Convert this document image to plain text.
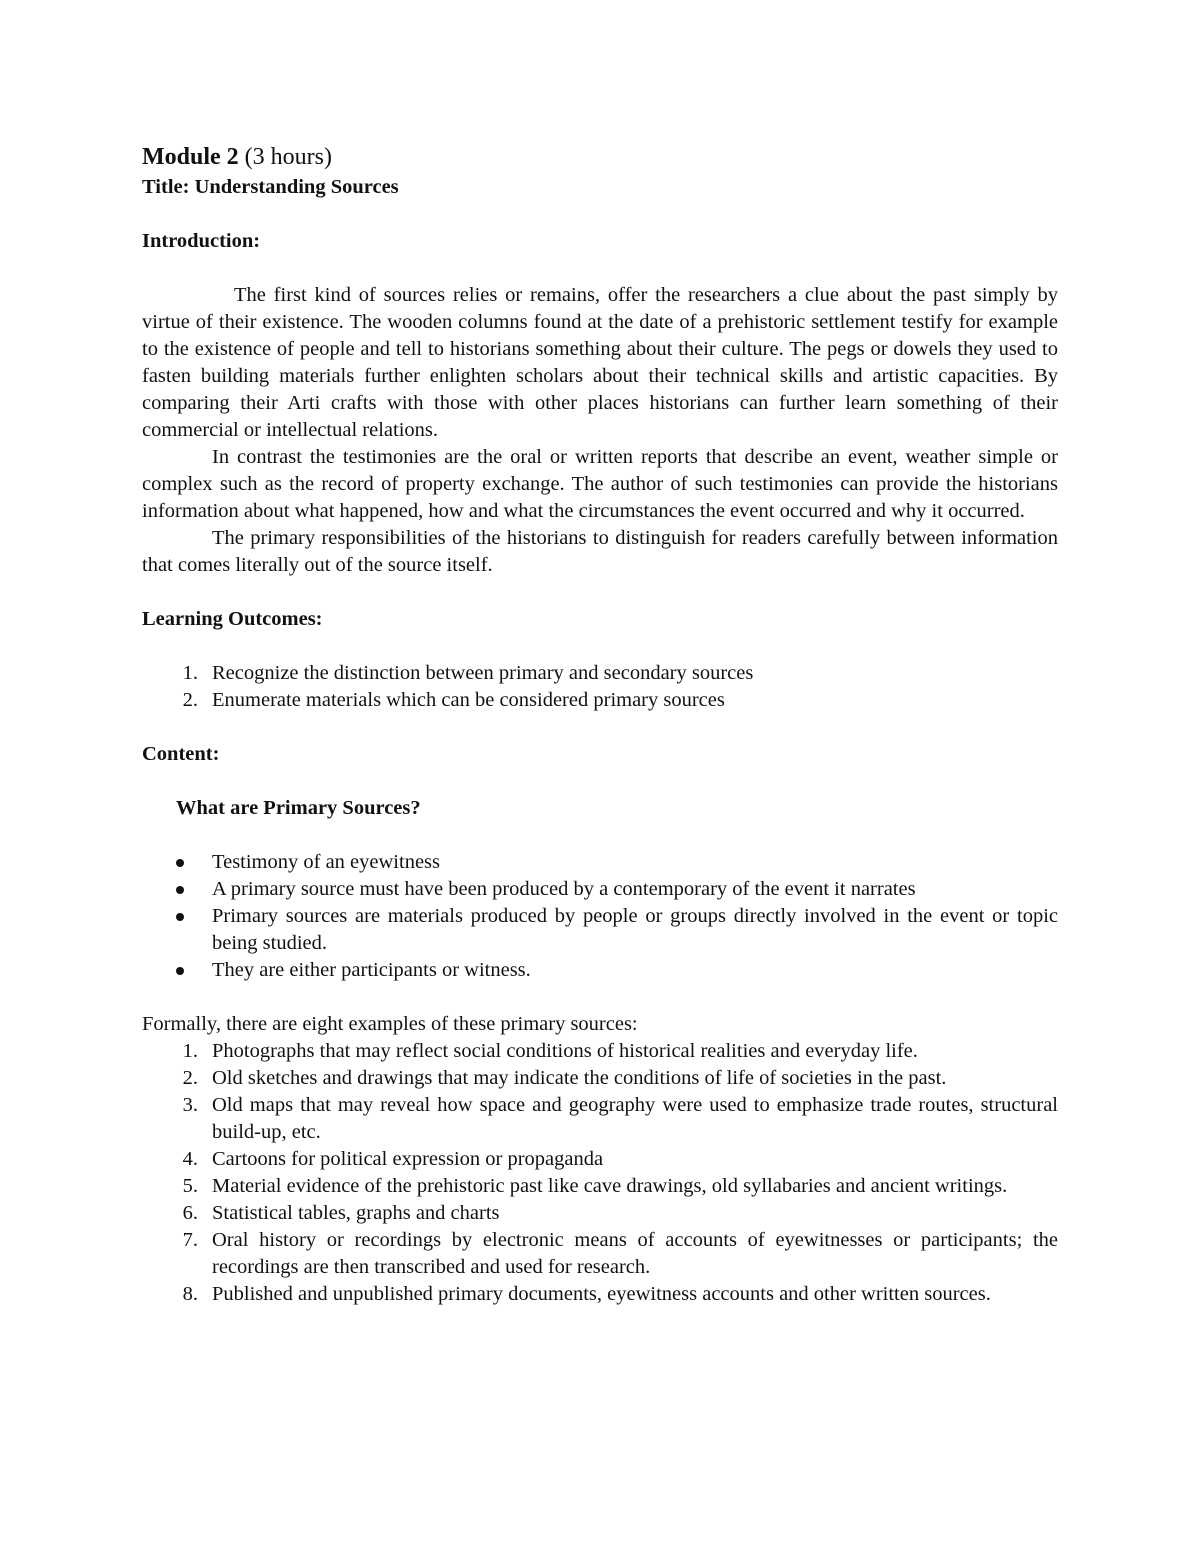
Module 2 (3 hours)
Title: Understanding Sources
Introduction:

The first kind of sources relies or remains, offer the researchers a clue about the past simply by virtue of their existence. The wooden columns found at the date of a prehistoric settlement testify for example to the existence of people and tell to historians something about their culture. The pegs or dowels they used to fasten building materials further enlighten scholars about their technical skills and artistic capacities. By comparing their Arti crafts with those with other places historians can further learn something of their commercial or intellectual relations.

In contrast the testimonies are the oral or written reports that describe an event, weather simple or complex such as the record of property exchange. The author of such testimonies can provide the historians information about what happened, how and what the circumstances the event occurred and why it occurred.

The primary responsibilities of the historians to distinguish for readers carefully between information that comes literally out of the source itself.

Learning Outcomes:
1. Recognize the distinction between primary and secondary sources
2. Enumerate materials which can be considered primary sources
Content:
What are Primary Sources?
Testimony of an eyewitness
A primary source must have been produced by a contemporary of the event it narrates
Primary sources are materials produced by people or groups directly involved in the event or topic being studied.
They are either participants or witness.

Formally, there are eight examples of these primary sources:

1. Photographs that may reflect social conditions of historical realities and everyday life.
2. Old sketches and drawings that may indicate the conditions of life of societies in the past.
3. Old maps that may reveal how space and geography were used to emphasize trade routes, structural build-up, etc.
4. Cartoons for political expression or propaganda
5. Material evidence of the prehistoric past like cave drawings, old syllabaries and ancient writings.
6. Statistical tables, graphs and charts
7. Oral history or recordings by electronic means of accounts of eyewitnesses or participants; the recordings are then transcribed and used for research.
8. Published and unpublished primary documents, eyewitness accounts and other written sources.
